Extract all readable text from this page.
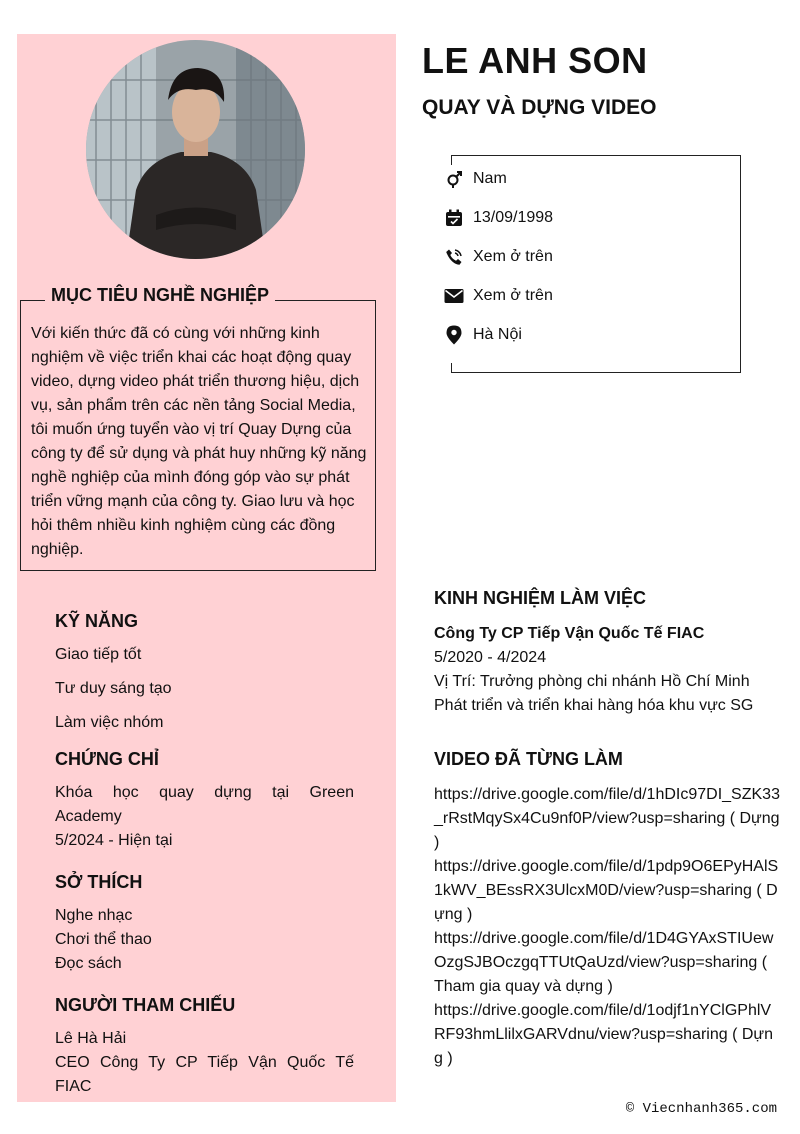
LE ANH SON
QUAY VÀ DỰNG VIDEO
Nam
13/09/1998
Xem ở trên
Xem ở trên
Hà Nội
MỤC TIÊU NGHỀ NGHIỆP

Với kiến thức đã có cùng với những kinh nghiệm về việc triển khai các hoạt động quay video, dựng video phát triển thương hiệu, dịch vụ, sản phẩm trên các nền tảng Social Media, tôi muốn ứng tuyển vào vị trí Quay Dựng của công ty để sử dụng và phát huy những kỹ năng nghề nghiệp của mình đóng góp vào sự phát triển vững mạnh của công ty. Giao lưu và học hỏi thêm nhiều kinh nghiệm cùng các đồng nghiệp.

KỸ NĂNG

Giao tiếp tốt

Tư duy sáng tạo

Làm việc nhóm

CHỨNG CHỈ

Khóa học quay dựng tại Green
Academy

5/2024 - Hiện tại

SỞ THÍCH

Nghe nhạc

Chơi thể thao

Đọc sách

NGƯỜI THAM CHIẾU

Lê Hà Hải

CEO Công Ty CP Tiếp Vận Quốc Tế
FIAC

KINH NGHIỆM LÀM VIỆC

Công Ty CP Tiếp Vận Quốc Tế FIAC

5/2020 - 4/2024

Vị Trí: Trưởng phòng chi nhánh Hồ Chí Minh

Phát triển và triển khai hàng hóa khu vực SG

VIDEO ĐÃ TỪNG LÀM
https://drive.google.com/file/d/1hDIc97DI_SZK33_rRstMqySx4Cu9nf0P/view?usp=sharing ( Dựng )
https://drive.google.com/file/d/1pdp9O6EPyHAlS1kWV_BEssRX3UlcxM0D/view?usp=sharing ( Dựng )
https://drive.google.com/file/d/1D4GYAxSTIUewOzgSJBOczgqTTUtQaUzd/view?usp=sharing ( Tham gia quay và dựng )
https://drive.google.com/file/d/1odjf1nYClGPhlVRF93hmLlilxGARVdnu/view?usp=sharing ( Dựng )
© Viecnhanh365.com
